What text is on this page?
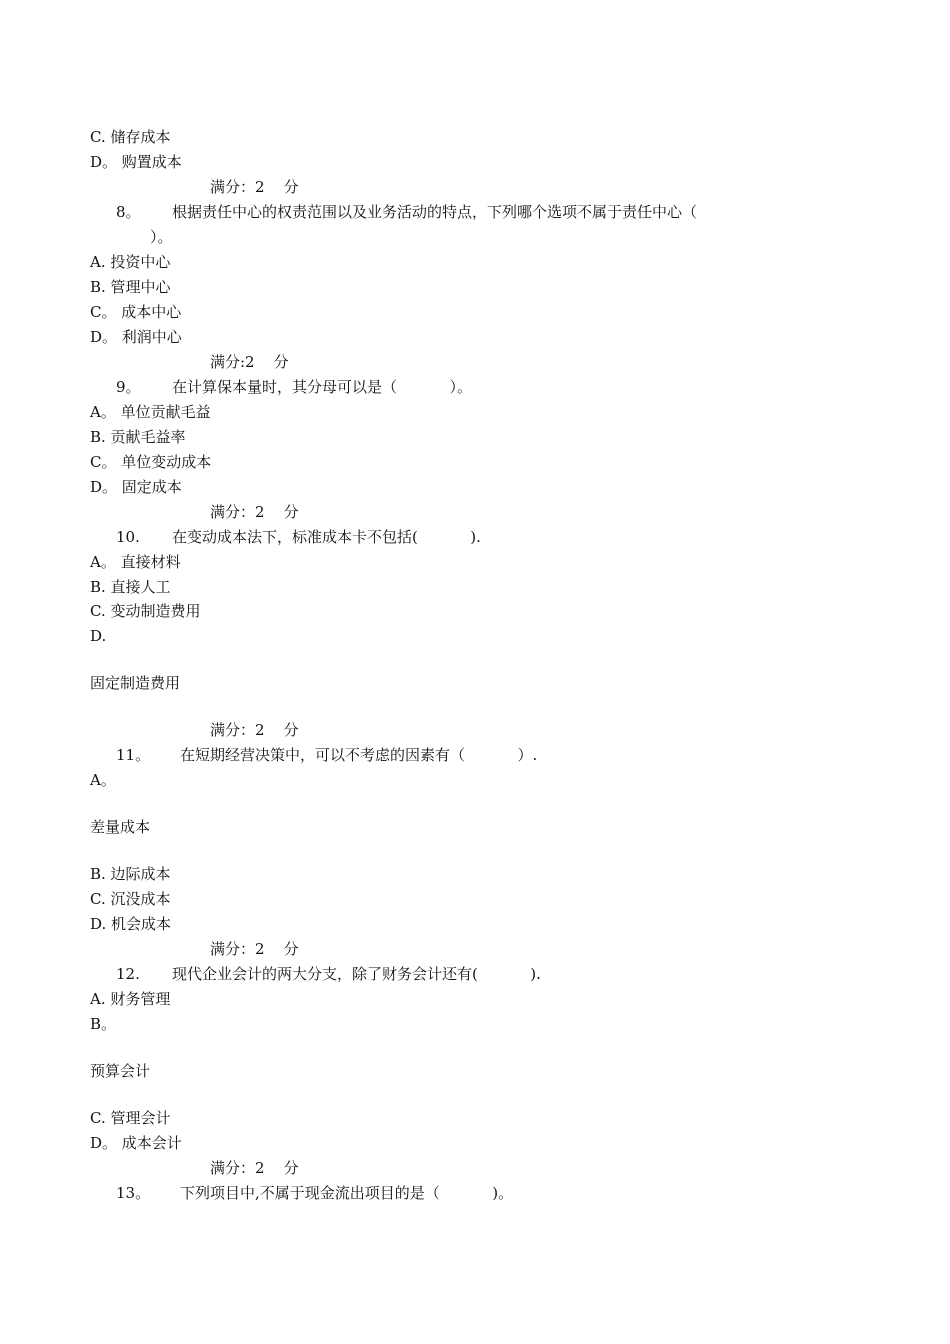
C. 储存成本
D。 购置成本
满分：2    分
8。 根据责任中心的权责范围以及业务活动的特点，下列哪个选项不属于责任中心（
）。
A. 投资中心
B. 管理中心
C。 成本中心
D。 利润中心
满分:2    分
9。 在计算保本量时，其分母可以是（           ）。
A。 单位贡献毛益
B. 贡献毛益率
C。 单位变动成本
D。 固定成本
满分：2    分
10. 在变动成本法下，标准成本卡不包括(           ).
A。 直接材料
B. 直接人工
C. 变动制造费用
D.
固定制造费用
满分：2    分
11。 在短期经营决策中，可以不考虑的因素有（           ）.
A。
差量成本
B. 边际成本
C. 沉没成本
D. 机会成本
满分：2    分
12. 现代企业会计的两大分支，除了财务会计还有(           ).
A. 财务管理
B。
预算会计
C. 管理会计
D。 成本会计
满分：2    分
13。 下列项目中,不属于现金流出项目的是（           )。
